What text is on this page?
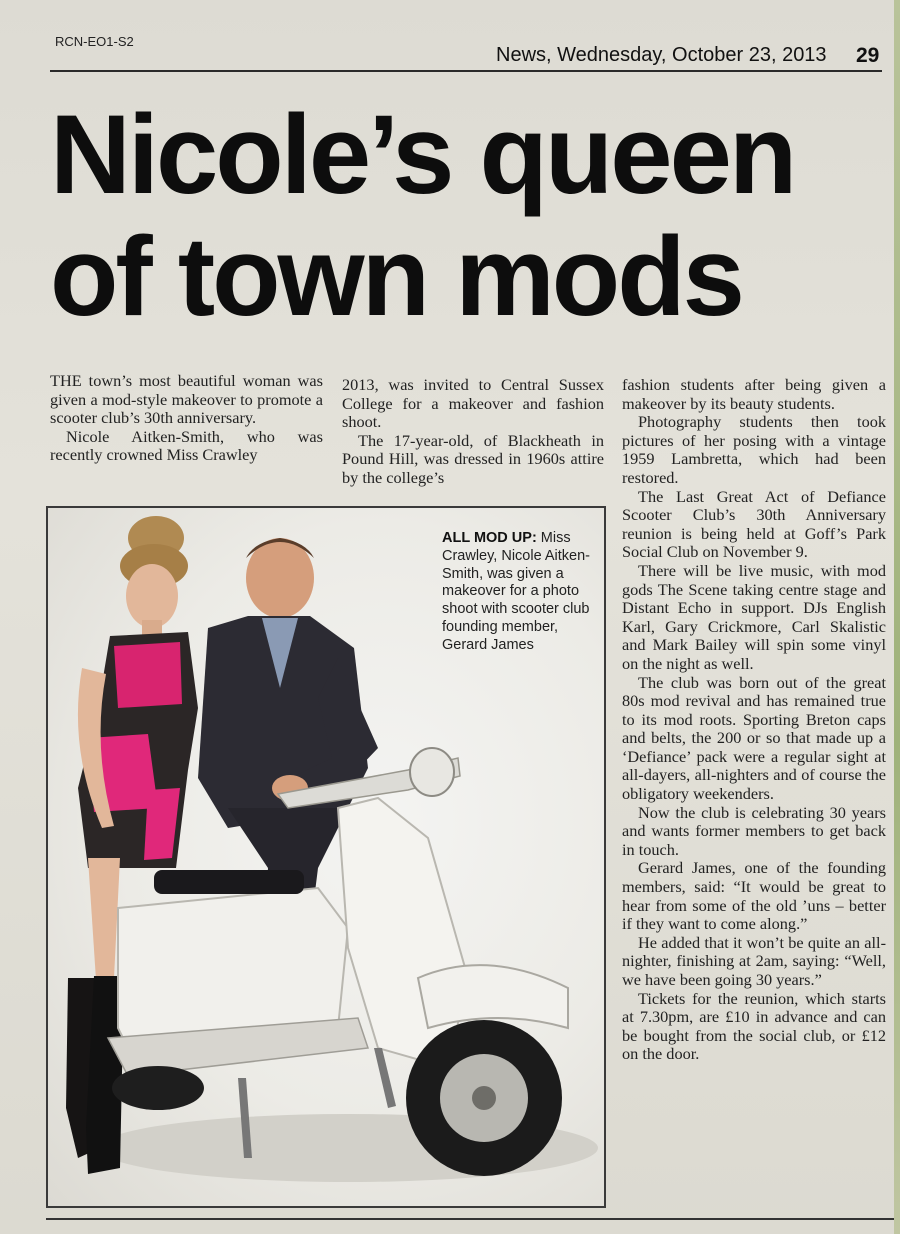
RCN-EO1-S2
News, Wednesday, October 23, 2013 29
Nicole’s queen
of town mods

THE town’s most beautiful woman was given a mod-style makeover to promote a scooter club’s 30th anniversary.

Nicole Aitken-Smith, who was recently crowned Miss Crawley

2013, was invited to Central Sussex College for a makeover and fashion shoot.

The 17-year-old, of Blackheath in Pound Hill, was dressed in 1960s attire by the college’s

fashion students after being given a makeover by its beauty students.

Photography students then took pictures of her posing with a vintage 1959 Lambretta, which had been restored.

The Last Great Act of Defiance Scooter Club’s 30th Anniversary reunion is being held at Goff’s Park Social Club on November 9.

There will be live music, with mod gods The Scene taking centre stage and Distant Echo in support. DJs English Karl, Gary Crickmore, Carl Skalistic and Mark Bailey will spin some vinyl on the night as well.

The club was born out of the great 80s mod revival and has remained true to its mod roots. Sporting Breton caps and belts, the 200 or so that made up a ‘Defiance’ pack were a regular sight at all-dayers, all-nighters and of course the obligatory weekenders.

Now the club is celebrating 30 years and wants former members to get back in touch.

Gerard James, one of the founding members, said: “It would be great to hear from some of the old ’uns – better if they want to come along.”

He added that it won’t be quite an all-nighter, finishing at 2am, saying: “Well, we have been going 30 years.”

Tickets for the reunion, which starts at 7.30pm, are £10 in advance and can be bought from the social club, or £12 on the door.

ALL MOD UP: Miss Crawley, Nicole Aitken-Smith, was given a makeover for a photo shoot with scooter club founding member, Gerard James
